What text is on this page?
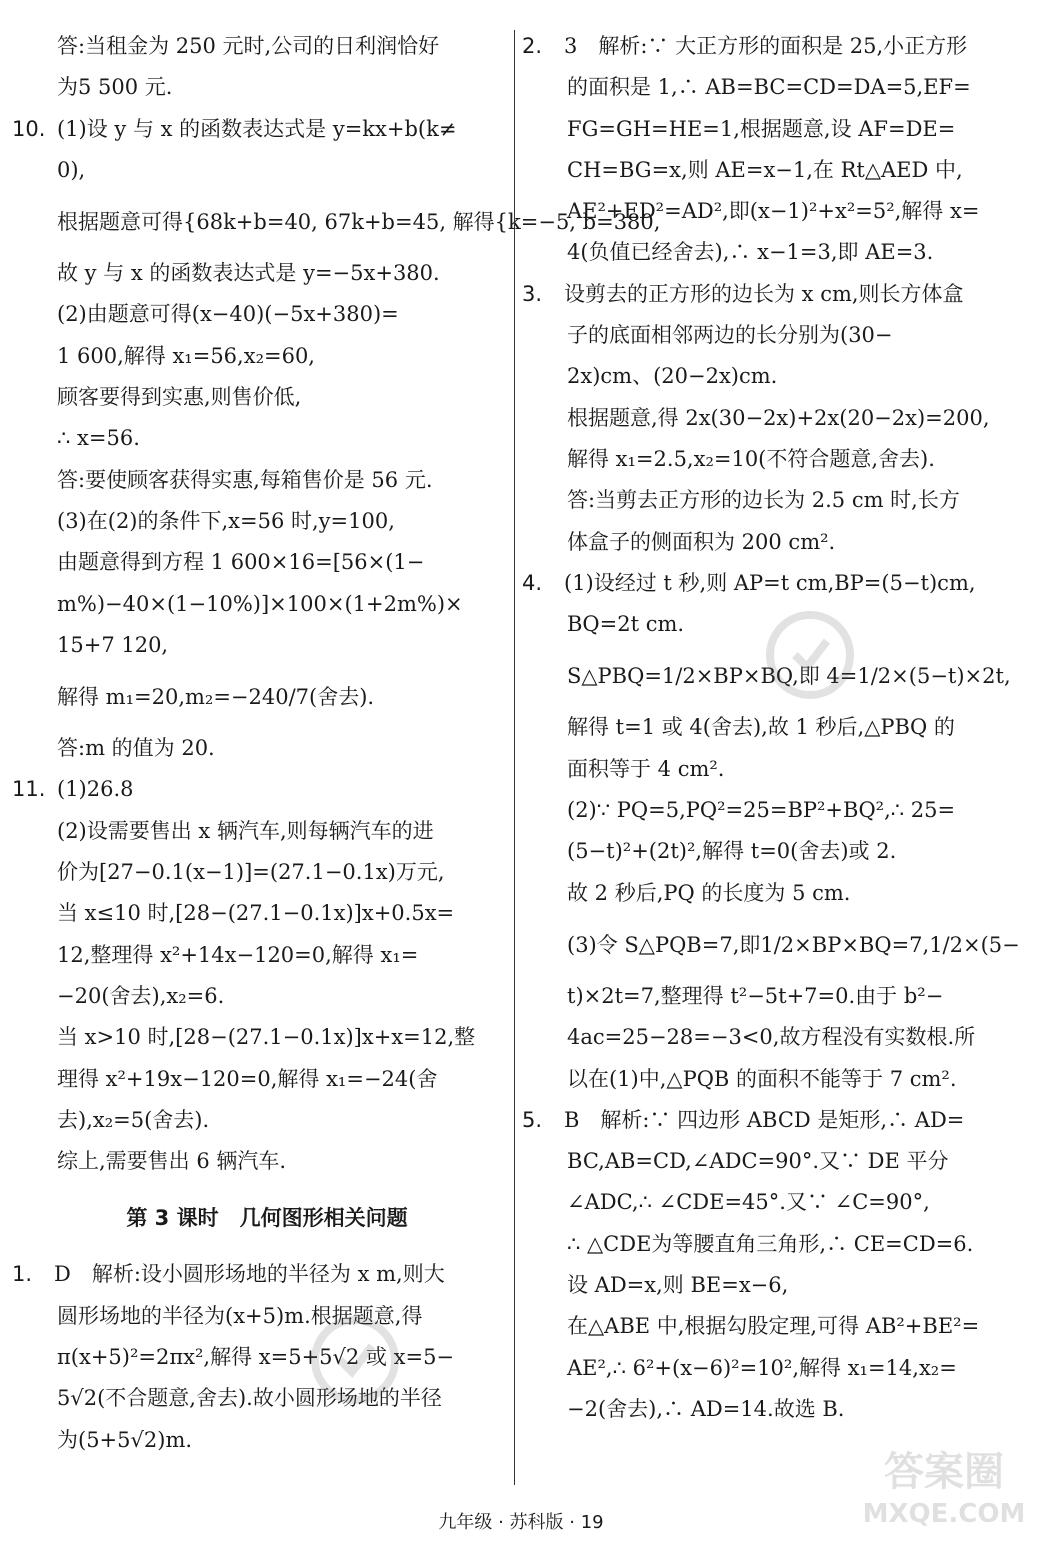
答:当租金为 250 元时,公司的日利润恰好
为5 500 元.
10. (1)设 y 与 x 的函数表达式是 y=kx+b(k≠
0),
根据题意可得{68k+b=40, 67k+b=45, 解得{k=−5, b=380,
故 y 与 x 的函数表达式是 y=−5x+380.
(2)由题意可得(x−40)(−5x+380)=
1 600,解得 x₁=56,x₂=60,
顾客要得到实惠,则售价低,
∴ x=56.
答:要使顾客获得实惠,每箱售价是 56 元.
(3)在(2)的条件下,x=56 时,y=100,
由题意得到方程 1 600×16=[56×(1−
m%)−40×(1−10%)]×100×(1+2m%)×
15+7 120,
解得 m₁=20,m₂=−240/7(舍去).
答:m 的值为 20.
11. (1)26.8
(2)设需要售出 x 辆汽车,则每辆汽车的进
价为[27−0.1(x−1)]=(27.1−0.1x)万元,
当 x≤10 时,[28−(27.1−0.1x)]x+0.5x=
12,整理得 x²+14x−120=0,解得 x₁=
−20(舍去),x₂=6.
当 x>10 时,[28−(27.1−0.1x)]x+x=12,整
理得 x²+19x−120=0,解得 x₁=−24(舍
去),x₂=5(舍去).
综上,需要售出 6 辆汽车.
第 3 课时　几何图形相关问题
1. D　解析:设小圆形场地的半径为 x m,则大
圆形场地的半径为(x+5)m.根据题意,得
π(x+5)²=2πx²,解得 x=5+5√2 或 x=5−
5√2(不合题意,舍去).故小圆形场地的半径
为(5+5√2)m.
2. 3　解析:∵ 大正方形的面积是 25,小正方形
的面积是 1,∴ AB=BC=CD=DA=5,EF=
FG=GH=HE=1,根据题意,设 AF=DE=
CH=BG=x,则 AE=x−1,在 Rt△AED 中,
AE²+ED²=AD²,即(x−1)²+x²=5²,解得 x=
4(负值已经舍去),∴ x−1=3,即 AE=3.
3. 设剪去的正方形的边长为 x cm,则长方体盒
子的底面相邻两边的长分别为(30−
2x)cm、(20−2x)cm.
根据题意,得 2x(30−2x)+2x(20−2x)=200,
解得 x₁=2.5,x₂=10(不符合题意,舍去).
答:当剪去正方形的边长为 2.5 cm 时,长方
体盒子的侧面积为 200 cm².
4. (1)设经过 t 秒,则 AP=t cm,BP=(5−t)cm,
BQ=2t cm.
S△PBQ=1/2×BP×BQ,即 4=1/2×(5−t)×2t,
解得 t=1 或 4(舍去),故 1 秒后,△PBQ 的
面积等于 4 cm².
(2)∵ PQ=5,PQ²=25=BP²+BQ²,∴ 25=
(5−t)²+(2t)²,解得 t=0(舍去)或 2.
故 2 秒后,PQ 的长度为 5 cm.
(3)令 S△PQB=7,即1/2×BP×BQ=7,1/2×(5−
t)×2t=7,整理得 t²−5t+7=0.由于 b²−
4ac=25−28=−3<0,故方程没有实数根.所
以在(1)中,△PQB 的面积不能等于 7 cm².
5. B　解析:∵ 四边形 ABCD 是矩形,∴ AD=
BC,AB=CD,∠ADC=90°.又∵ DE 平分
∠ADC,∴ ∠CDE=45°.又∵ ∠C=90°,
∴ △CDE为等腰直角三角形,∴ CE=CD=6.
设 AD=x,则 BE=x−6,
在△ABE 中,根据勾股定理,可得 AB²+BE²=
AE²,∴ 6²+(x−6)²=10²,解得 x₁=14,x₂=
−2(舍去),∴ AD=14.故选 B.
答案圈
MXQE.COM
九年级 · 苏科版 · 19
